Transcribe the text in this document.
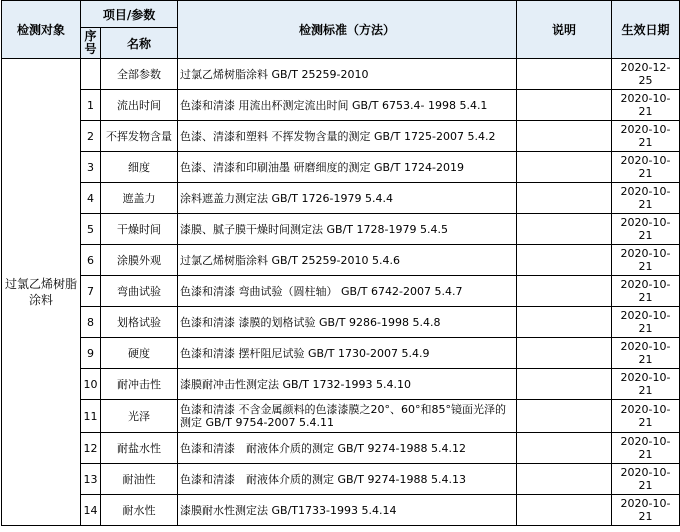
检测对象	项目/参数		检测标准（方法）	说明	生效日期
	序号	名称			
过氯乙烯树脂涂料		全部参数	过氯乙烯树脂涂料 GB/T 25259-2010		2020-12-25
	1	流出时间	色漆和清漆 用流出杯测定流出时间 GB/T 6753.4- 1998 5.4.1		2020-10-21
	2	不挥发物含量	色漆、清漆和塑料 不挥发物含量的测定 GB/T 1725-2007 5.4.2		2020-10-21
	3	细度	色漆、清漆和印刷油墨 研磨细度的测定 GB/T 1724-2019		2020-10-21
	4	遮盖力	涂料遮盖力测定法 GB/T 1726-1979 5.4.4		2020-10-21
	5	干燥时间	漆膜、腻子膜干燥时间测定法 GB/T 1728-1979 5.4.5		2020-10-21
	6	涂膜外观	过氯乙烯树脂涂料 GB/T 25259-2010 5.4.6		2020-10-21
	7	弯曲试验	色漆和清漆 弯曲试验（圆柱轴） GB/T 6742-2007 5.4.7		2020-10-21
	8	划格试验	色漆和清漆 漆膜的划格试验 GB/T 9286-1998 5.4.8		2020-10-21
	9	硬度	色漆和清漆 摆杆阻尼试验 GB/T 1730-2007 5.4.9		2020-10-21
	10	耐冲击性	漆膜耐冲击性测定法 GB/T 1732-1993 5.4.10		2020-10-21
	11	光泽	色漆和清漆 不含金属颜料的色漆漆膜之20°、60°和85°镜面光泽的测定 GB/T 9754-2007 5.4.11		2020-10-21
	12	耐盐水性	色漆和清漆　耐液体介质的测定 GB/T 9274-1988 5.4.12		2020-10-21
	13	耐油性	色漆和清漆　耐液体介质的测定 GB/T 9274-1988 5.4.13		2020-10-21
	14	耐水性	漆膜耐水性测定法 GB/T1733-1993 5.4.14		2020-10-21
